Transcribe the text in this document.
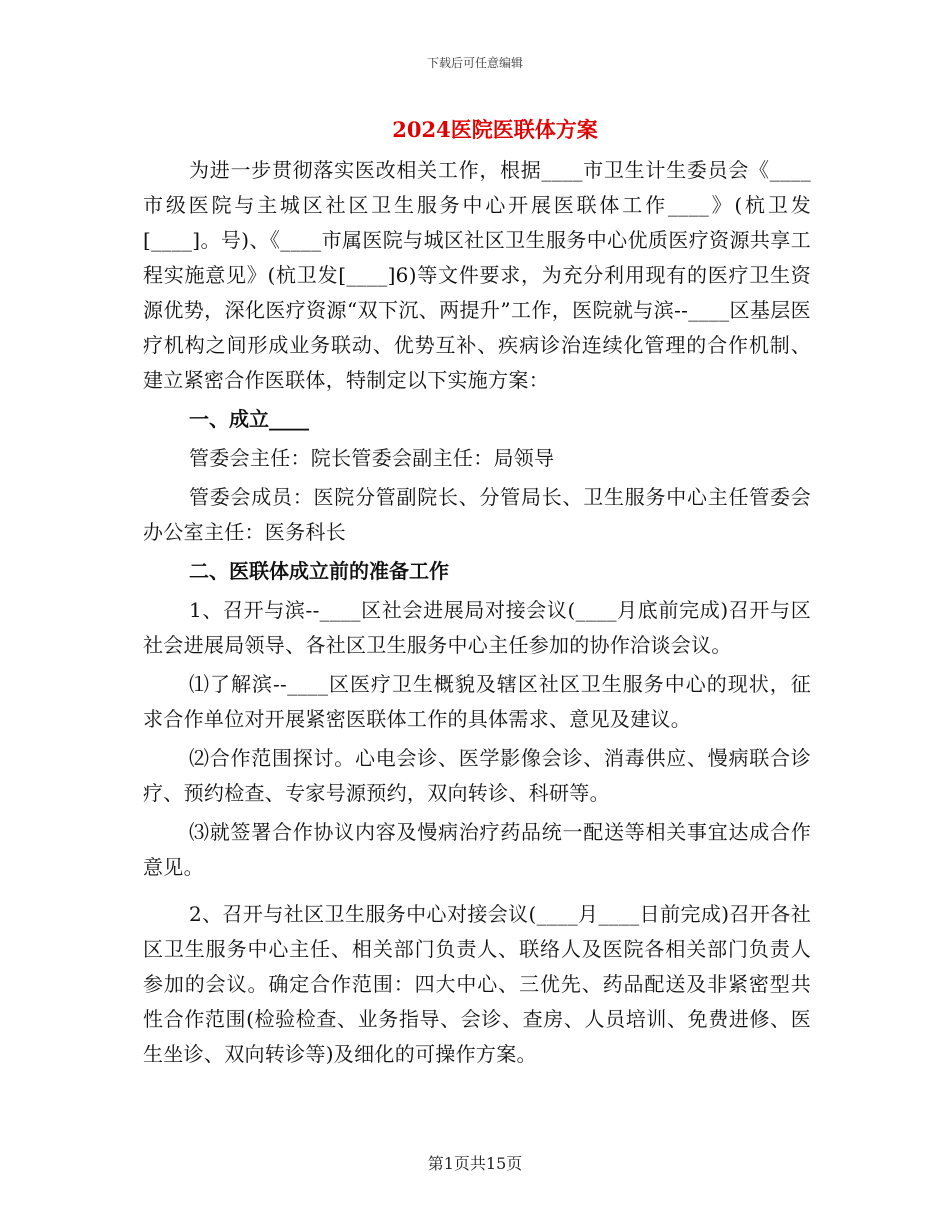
下载后可任意编辑
2024医院医联体方案

为进一步贯彻落实医改相关工作，根据____市卫生计生委员会《____市级医院与主城区社区卫生服务中心开展医联体工作____》(杭卫发[____]。号)、《____市属医院与城区社区卫生服务中心优质医疗资源共享工程实施意见》(杭卫发[____]6)等文件要求，为充分利用现有的医疗卫生资源优势，深化医疗资源“双下沉、两提升”工作，医院就与滨--____区基层医疗机构之间形成业务联动、优势互补、疾病诊治连续化管理的合作机制、建立紧密合作医联体，特制定以下实施方案：

一、成立____

管委会主任：院长管委会副主任：局领导

管委会成员：医院分管副院长、分管局长、卫生服务中心主任管委会办公室主任：医务科长

二、医联体成立前的准备工作

1、召开与滨--____区社会进展局对接会议(____月底前完成)召开与区社会进展局领导、各社区卫生服务中心主任参加的协作洽谈会议。

⑴了解滨--____区医疗卫生概貌及辖区社区卫生服务中心的现状，征求合作单位对开展紧密医联体工作的具体需求、意见及建议。

⑵合作范围探讨。心电会诊、医学影像会诊、消毒供应、慢病联合诊疗、预约检查、专家号源预约，双向转诊、科研等。

⑶就签署合作协议内容及慢病治疗药品统一配送等相关事宜达成合作意见。

2、召开与社区卫生服务中心对接会议(____月____日前完成)召开各社区卫生服务中心主任、相关部门负责人、联络人及医院各相关部门负责人参加的会议。确定合作范围：四大中心、三优先、药品配送及非紧密型共性合作范围(检验检查、业务指导、会诊、查房、人员培训、免费进修、医生坐诊、双向转诊等)及细化的可操作方案。

第1页共15页
